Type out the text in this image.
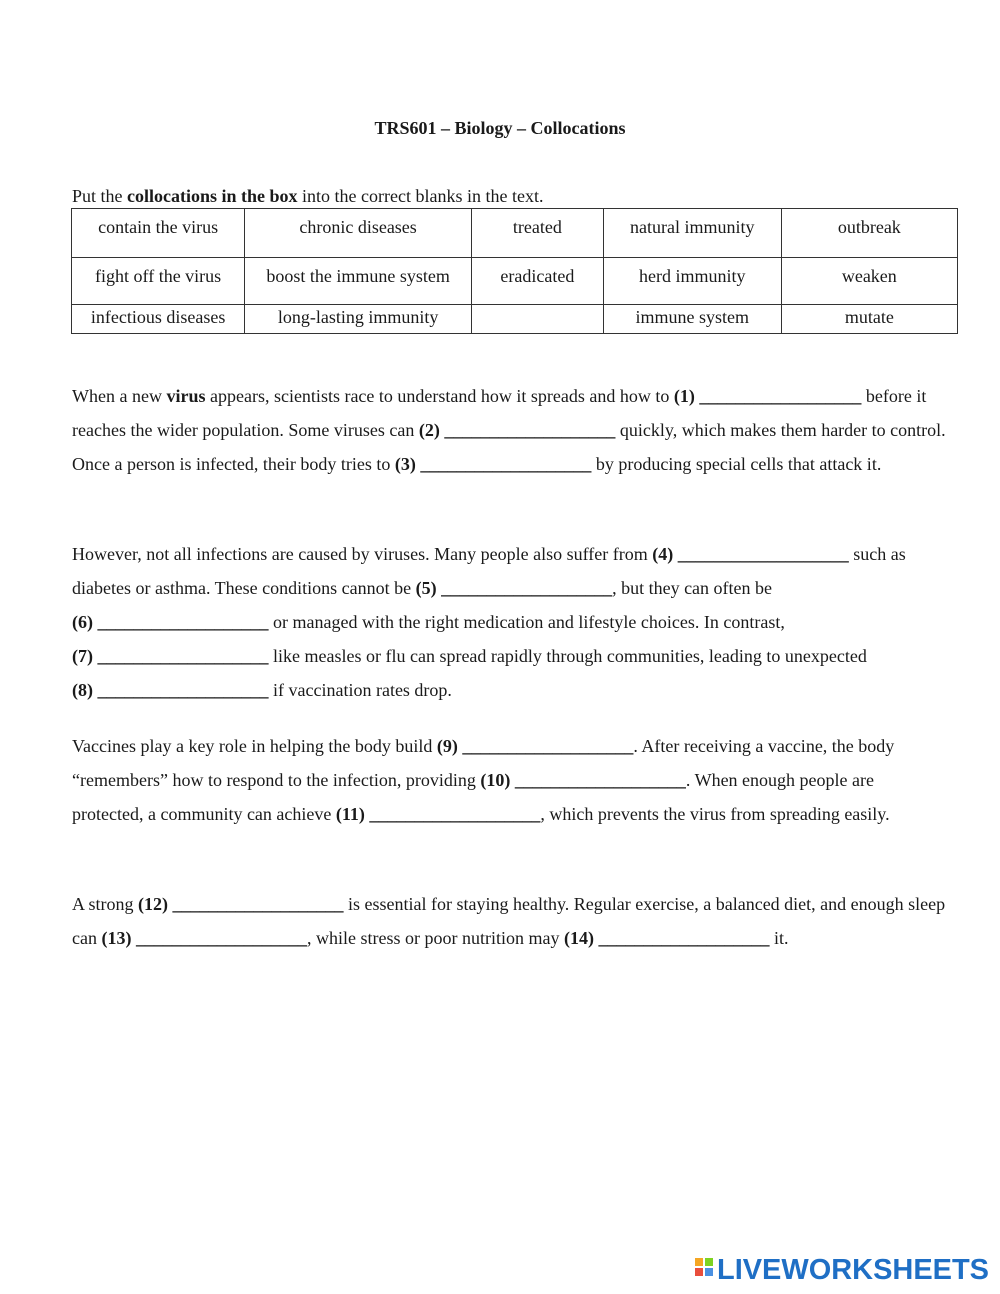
TRS601 – Biology – Collocations
Put the collocations in the box into the correct blanks in the text.
contain the virus	chronic diseases	treated	natural immunity	outbreak
fight off the virus	boost the immune system	eradicated	herd immunity	weaken
infectious diseases	long-lasting immunity		immune system	mutate
When a new virus appears, scientists race to understand how it spreads and how to (1) __________________ before it reaches the wider population. Some viruses can (2) ___________________ quickly, which makes them harder to control. Once a person is infected, their body tries to (3) ___________________ by producing special cells that attack it.
However, not all infections are caused by viruses. Many people also suffer from (4) ___________________ such as diabetes or asthma. These conditions cannot be (5) ___________________, but they can often be (6) ___________________ or managed with the right medication and lifestyle choices. In contrast, (7) ___________________ like measles or flu can spread rapidly through communities, leading to unexpected (8) ___________________ if vaccination rates drop.
Vaccines play a key role in helping the body build (9) ___________________. After receiving a vaccine, the body “remembers” how to respond to the infection, providing (10) ___________________. When enough people are protected, a community can achieve (11) ___________________, which prevents the virus from spreading easily.
A strong (12) ___________________ is essential for staying healthy. Regular exercise, a balanced diet, and enough sleep can (13) ___________________, while stress or poor nutrition may (14) ___________________ it.
LIVEWORKSHEETS
